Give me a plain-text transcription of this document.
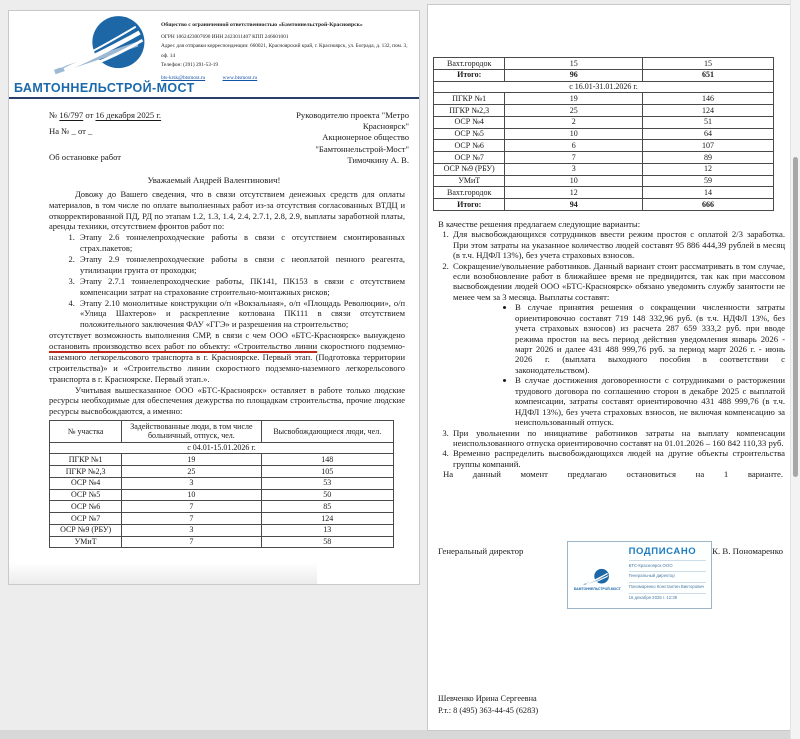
БАМТОННЕЛЬСТРОЙ-МОСТ
Общество с ограниченной ответственностью «Бамтоннельстрой-Красноярск»
ОГРН 1062423007690 ИНН 2423011407 КПП 246601001
Адрес для отправки корреспонденции: 660021, Красноярский край, г. Красноярск, ул. Бограда, д. 132, пом. 3, оф. 14
Телефон: (391) 291-53-19
bts-krsk@btsmost.ru	www.btsmost.ru
№ 16/797 от 16 декабря 2025 г.
На № _ от _
Об остановке работ
Руководителю проекта "Метро
Красноярск"
Акционерное общество
"Бамтоннельстрой-Мост"
Тимочкину А. В.
Уважаемый Андрей Валентинович!

Довожу до Вашего сведения, что в связи отсутствием денежных средств для оплаты материалов, в том числе по оплате выполненных работ из-за отсутствия согласованных ВТДЦ и откорректированной ПД, РД по этапам 1.2, 1.3, 1.4, 2.4, 2.7.1, 2.8, 2.9, выплаты заработной платы, аренды техники, отсутствием фронтов работ по:

1. Этапу 2.6 тоннелепроходческие работы в связи с отсутствием смонтированных страх.пакетов;
2. Этапу 2.9 тоннелепроходческие работы в связи с неоплатой пенного реагента, утилизации грунта от проходки;
3. Этапу 2.7.1 тоннелепроходческие работы, ПК141, ПК153 в связи с отсутствием компенсации затрат на страхование строительно-монтажных рисков;
4. Этапу 2.10 монолитные конструкции о/п «Вокзальная», о/п «Площадь Революции», о/п «Улица Шахтеров» и раскрепление котлована ПК111 в связи отсутствием положительного заключения ФАУ «ГГЭ» и разрешения на строительство;

отсутствует возможность выполнения СМР, в связи с чем ООО «БТС-Красноярск» вынуждено остановить производство всех работ по объекту: «Строительство линии скоростного подземно-наземного легкорельсового транспорта в г. Красноярске. Первый этап. (Подготовка территории строительства)» и «Строительство линии скоростного подземно-наземного легкорельсового транспорта в г. Красноярске. Первый этап.».

Учитывая вышесказанное ООО «БТС-Красноярск» оставляет в работе только людские ресурсы необходимые для обеспечения дежурства по площадкам строительства, прочие людские ресурсы высвобождаются, а именно:

№ участка	Задействованные люди, в том числе больничный, отпуск, чел.	Высвобождающиеся люди, чел.
с 04.01-15.01.2026 г.		
ПГКР №1	19	148
ПГКР №2,3	25	105
ОСР №4	3	53
ОСР №5	10	50
ОСР №6	7	85
ОСР №7	7	124
ОСР №9 (РБУ)	3	13
УМиТ	7	58
Вахт.городок	15	15
Итого:	96	651
с 16.01-31.01.2026 г.		
ПГКР №1	19	146
ПГКР №2,3	25	124
ОСР №4	2	51
ОСР №5	10	64
ОСР №6	6	107
ОСР №7	7	89
ОСР №9 (РБУ)	3	12
УМиТ	10	59
Вахт.городок	12	14
Итого:	94	666

В качестве решения предлагаем следующие варианты:

1. Для высвобождающихся сотрудников ввести режим простоя с оплатой 2/3 заработка. При этом затраты на указанное количество людей составят 95 886 444,39 рублей в месяц (в т.ч. НДФЛ 13%), без учета страховых взносов.
2. Сокращение/увольнение работников. Данный вариант стоит рассматривать в том случае, если возобновление работ в ближайшее время не предвидится, так как при массовом высвобождении людей ООО «БТС-Красноярск» обязано уведомить службу занятости не менее чем за 3 месяца. Выплаты составят:
• В случае принятия решения о сокращении численности затраты ориентировочно составят 719 148 332,96 руб. (в т.ч. НДФЛ 13%, без учета страховых взносов) из расчета 287 659 333,2 руб. при вводе режима простоя на весь период действия уведомления январь 2026 - март 2026 и далее 431 488 999,76 руб. за период март 2026 г. - июнь 2026 г. (выплата выходного пособия в соответствии с законодательством).
• В случае достижения договоренности с сотрудниками о расторжении трудового договора по соглашению сторон в декабре 2025 с выплатой компенсации, затраты составят ориентировочно 431 488 999,76 (в т.ч. НДФЛ 13%), без учета страховых взносов, не включая компенсацию за неиспользованный отпуск.
3. При увольнении по инициативе работников затраты на выплату компенсации неиспользованного отпуска ориентировочно составят на 01.01.2026 – 160 842 110,33 руб.
4. Временно распределить высвобождающихся людей на другие объекты строительства группы компаний.

На данный момент предлагаю остановиться на 1 варианте.

Генеральный директор
БАМТОННЕЛЬСТРОЙ-МОСТ
ПОДПИСАНО
БТС-Красноярск ООО
Генеральный директор
Пономаренко Константин Викторович
16 декабря 2025 г. 12:39
К. В. Пономаренко
Шевченко Ирина Сергеевна
Р.т.: 8 (495) 363-44-45 (6283)
